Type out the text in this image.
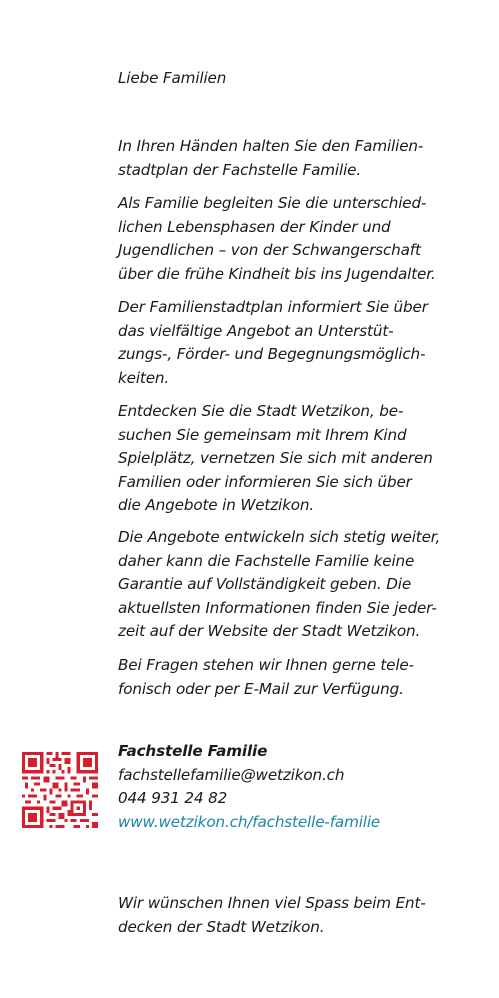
Liebe Familien
In Ihren Händen halten Sie den Familien-
stadtplan der Fachstelle Familie.
Als Familie begleiten Sie die unterschied-
lichen Lebensphasen der Kinder und
Jugendlichen – von der Schwangerschaft
über die frühe Kindheit bis ins Jugendalter.
Der Familienstadtplan informiert Sie über
das vielfältige Angebot an Unterstüt-
zungs-, Förder- und Begegnungsmöglich-
keiten.
Entdecken Sie die Stadt Wetzikon, be-
suchen Sie gemeinsam mit Ihrem Kind
Spielplätz, vernetzen Sie sich mit anderen
Familien oder informieren Sie sich über
die Angebote in Wetzikon.
Die Angebote entwickeln sich stetig weiter,
daher kann die Fachstelle Familie keine
Garantie auf Vollständigkeit geben. Die
aktuellsten Informationen finden Sie jeder-
zeit auf der Website der Stadt Wetzikon.
Bei Fragen stehen wir Ihnen gerne tele-
fonisch oder per E-Mail zur Verfügung.
Fachstelle Familie
fachstellefamilie@wetzikon.ch
044 931 24 82
www.wetzikon.ch/fachstelle-familie
Wir wünschen Ihnen viel Spass beim Ent-
decken der Stadt Wetzikon.
